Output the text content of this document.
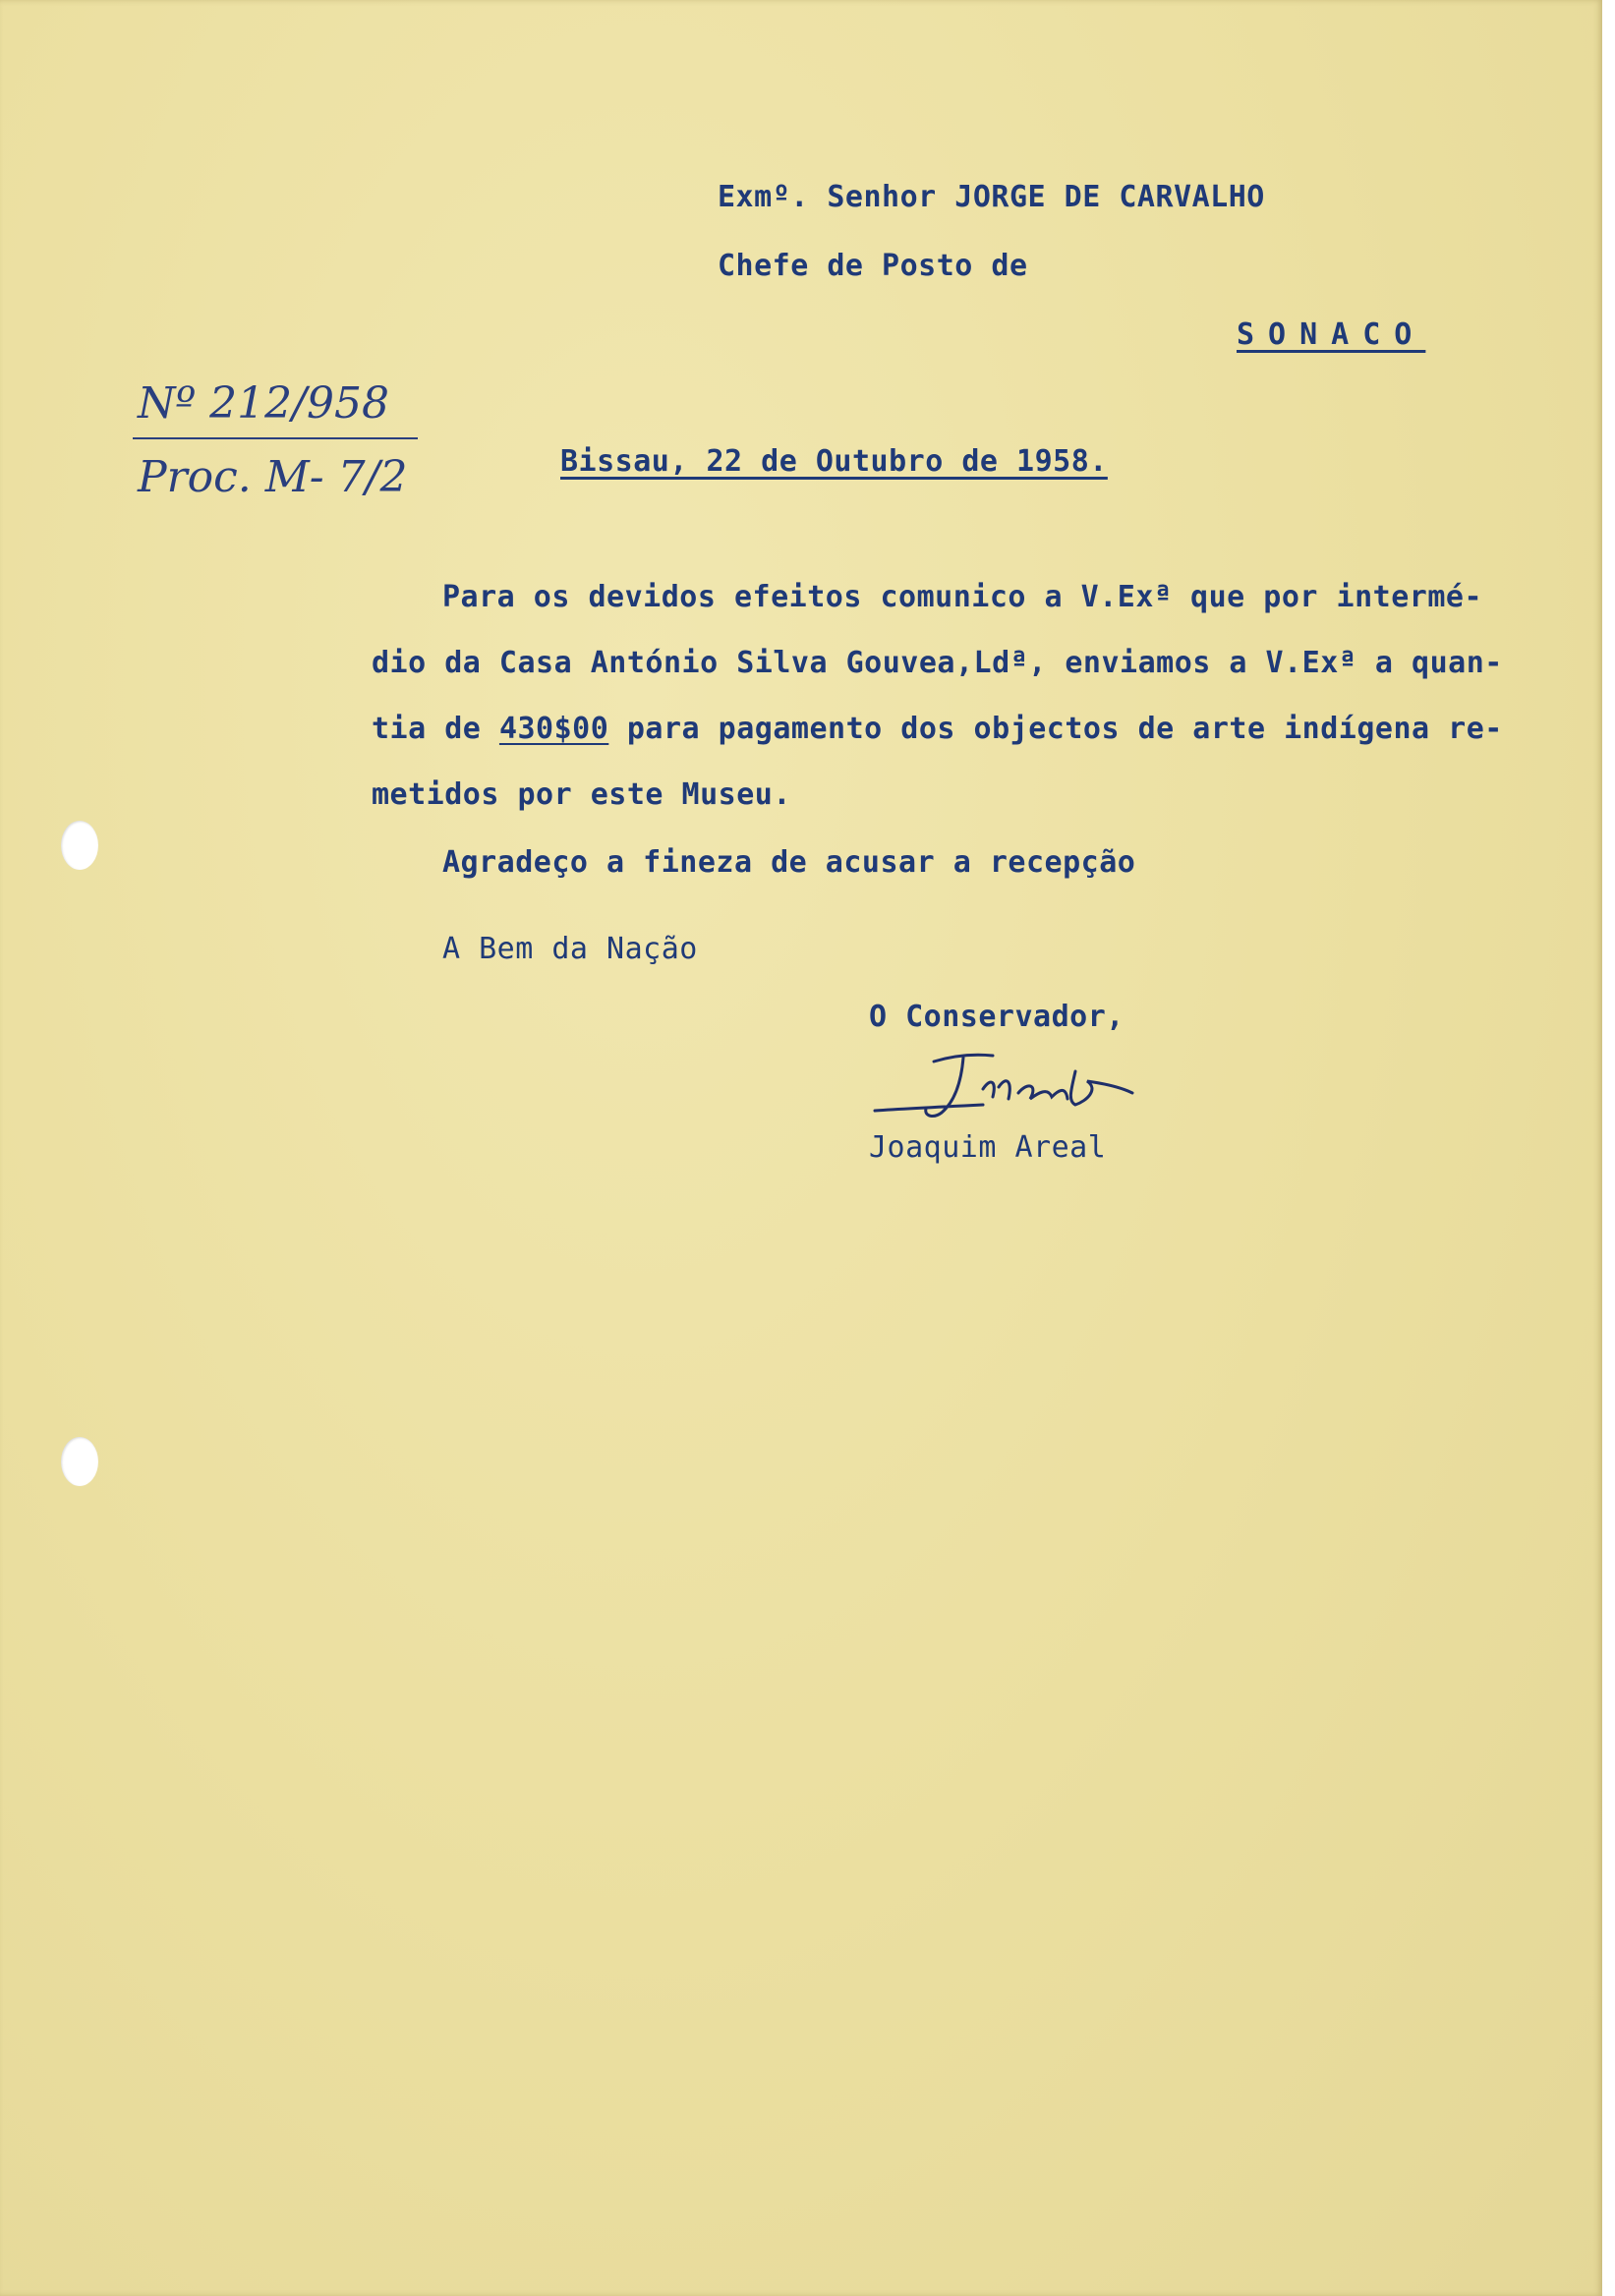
Exmº. Senhor JORGE DE CARVALHO

Chefe de Posto de

SONACO

Nº 212/958

Proc. M- 7/2	Bissau, 22 de Outubro de 1958.

Para os devidos efeitos comunico a V.Exª que por intermé-

dio da Casa António Silva Gouvea,Ldª, enviamos a V.Exª a quan-

tia de 430$00 para pagamento dos objectos de arte indígena re-

metidos por este Museu.

Agradeço a fineza de acusar a recepção

A Bem da Nação

O Conservador,

Joaquim Areal
